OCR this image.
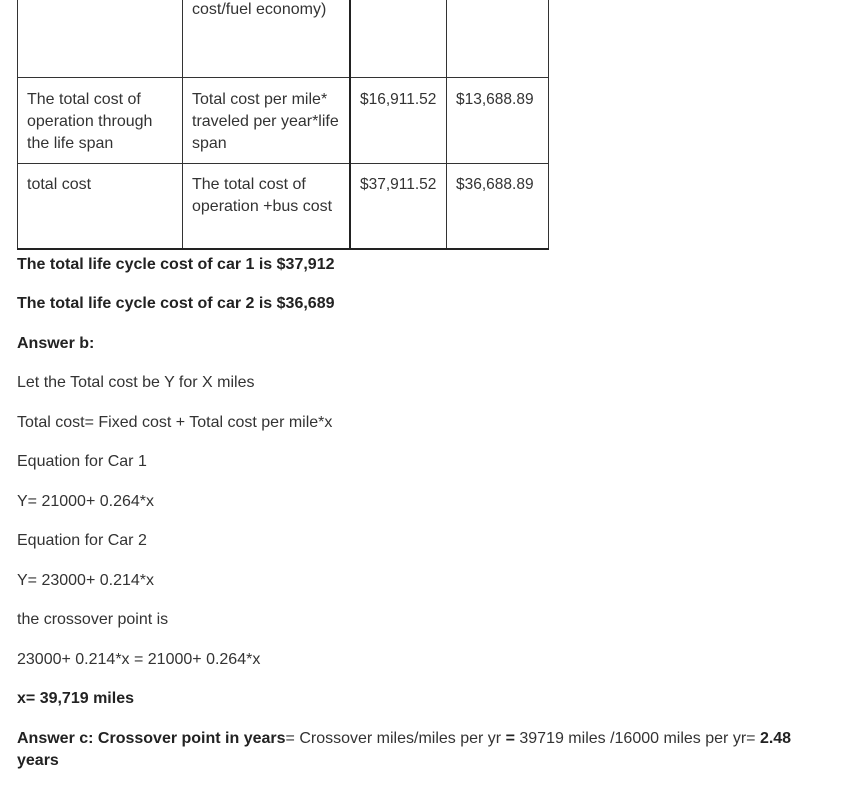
	cost/fuel economy)		
The total cost of operation through the life span	Total cost per mile* traveled per year*life span	$16,911.52	$13,688.89
total cost	The total cost of operation +bus cost	$37,911.52	$36,688.89

The total life cycle cost of car 1 is $37,912

The total life cycle cost of car 2 is $36,689

Answer b:

Let the Total cost be Y for X miles

Total cost= Fixed cost + Total cost per mile*x

Equation for Car 1

Y= 21000+ 0.264*x

Equation for Car 2

Y= 23000+ 0.214*x

the crossover point is

23000+ 0.214*x = 21000+ 0.264*x

x= 39,719 miles

Answer c: Crossover point in years= Crossover miles/miles per yr = 39719 miles /16000 miles per yr= 2.48 years
